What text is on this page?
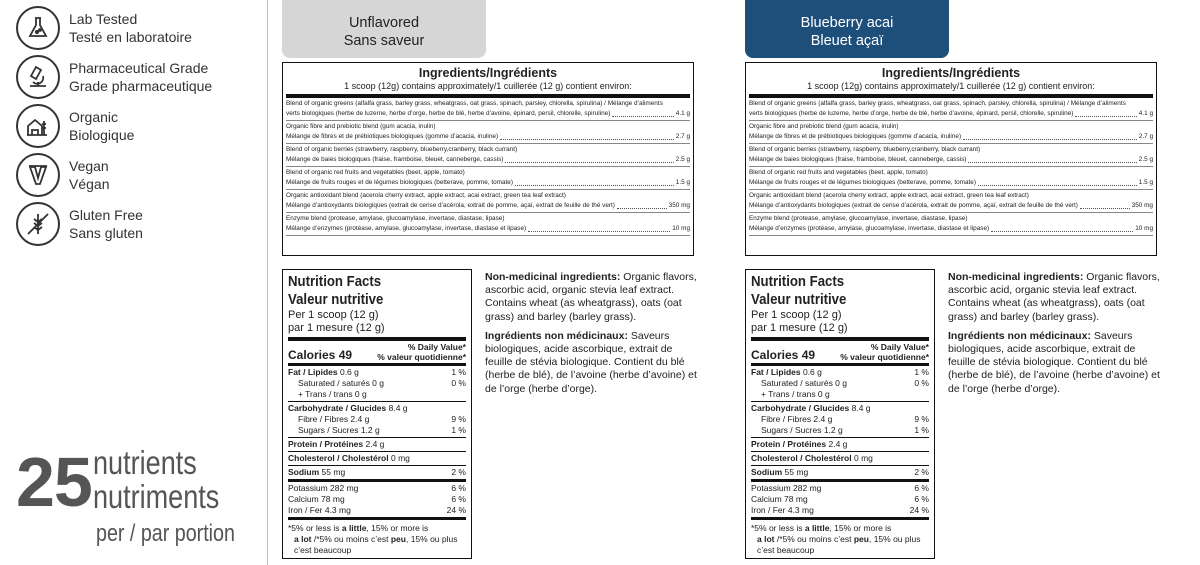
Lab Tested
Testé en laboratoire
Pharmaceutical Grade
Grade pharmaceutique
Organic
Biologique
Vegan
Végan
Gluten Free
Sans gluten
25 nutrients
nutriments
per / par portion
Unflavored
Sans saveur
Ingredients/Ingrédients
1 scoop (12g) contains approximately/1 cuillerée (12 g) contient environ:
Blend of organic greens (alfalfa grass, barley grass, wheatgrass, oat grass, spinach, parsley, chlorella, spirulina) / Mélange d’aliments
verts biologiques (herbe de luzerne, herbe d’orge, herbe de blé, herbe d’avoine, épinard, persil, chlorelle, spiruline)	4.1 g
Organic fibre and prebiotic blend (gum acacia, inulin)
Mélange de fibres et de prébiotiques biologiques (gomme d’acacia, inuline)	2.7 g
Blend of organic berries (strawberry, raspberry, blueberry,cranberry, black currant)
Mélange de baies biologiques (fraise, framboise, bleuet, canneberge, cassis)	2.5 g
Blend of organic red fruits and vegetables (beet, apple, tomato)
Mélange de fruits rouges et de légumes biologiques (betterave, pomme, tomate)	1.5 g
Organic antioxidant blend (acerola cherry extract, apple extract, acai extract, green tea leaf extract)
Mélange d’antioxydants biologiques (extrait de cerise d’acérola, extrait de pomme, açaï, extrait de feuille de thé vert)	350 mg
Enzyme blend (protease, amylase, glucoamylase, invertase, diastase, lipase)
Mélange d’enzymes (protéase, amylase, glucoamylase, invertase, diastase et lipase)	10 mg
Nutrition Facts
Valeur nutritive
Per 1 scoop (12 g)
par 1 mesure (12 g)
Calories 49
% Daily Value*
% valeur quotidienne*
Fat / Lipides 0.6 g	1 %
Saturated / saturés 0 g	0 %
+ Trans / trans 0 g
Carbohydrate / Glucides 8.4 g
Fibre / Fibres 2.4 g	9 %
Sugars / Sucres 1.2 g	1 %
Protein / Protéines 2.4 g
Cholesterol / Cholestérol 0 mg
Sodium 55 mg	2 %
Potassium 282 mg	6 %
Calcium 78 mg	6 %
Iron / Fer 4.3 mg	24 %
*5% or less is a little, 15% or more is
a lot /*5% ou moins c’est peu, 15% ou plus
c’est beaucoup

Non-medicinal ingredients: Organic flavors, ascorbic acid, organic stevia leaf extract. Contains wheat (as wheatgrass), oats (oat grass) and barley (barley grass).

Ingrédients non médicinaux: Saveurs biologiques, acide ascorbique, extrait de feuille de stévia biologique. Contient du blé (herbe de blé), de l’avoine (herbe d’avoine) et de l’orge (herbe d’orge).

Blueberry acai
Bleuet açaï
Ingredients/Ingrédients
1 scoop (12g) contains approximately/1 cuillerée (12 g) contient environ:
Blend of organic greens (alfalfa grass, barley grass, wheatgrass, oat grass, spinach, parsley, chlorella, spirulina) / Mélange d’aliments
verts biologiques (herbe de luzerne, herbe d’orge, herbe de blé, herbe d’avoine, épinard, persil, chlorelle, spiruline)	4.1 g
Organic fibre and prebiotic blend (gum acacia, inulin)
Mélange de fibres et de prébiotiques biologiques (gomme d’acacia, inuline)	2.7 g
Blend of organic berries (strawberry, raspberry, blueberry,cranberry, black currant)
Mélange de baies biologiques (fraise, framboise, bleuet, canneberge, cassis)	2.5 g
Blend of organic red fruits and vegetables (beet, apple, tomato)
Mélange de fruits rouges et de légumes biologiques (betterave, pomme, tomate)	1.5 g
Organic antioxidant blend (acerola cherry extract, apple extract, acai extract, green tea leaf extract)
Mélange d’antioxydants biologiques (extrait de cerise d’acérola, extrait de pomme, açaï, extrait de feuille de thé vert)	350 mg
Enzyme blend (protease, amylase, glucoamylase, invertase, diastase, lipase)
Mélange d’enzymes (protéase, amylase, glucoamylase, invertase, diastase et lipase)	10 mg
Nutrition Facts
Valeur nutritive
Per 1 scoop (12 g)
par 1 mesure (12 g)
Calories 49
% Daily Value*
% valeur quotidienne*
Fat / Lipides 0.6 g	1 %
Saturated / saturés 0 g	0 %
+ Trans / trans 0 g
Carbohydrate / Glucides 8.4 g
Fibre / Fibres 2.4 g	9 %
Sugars / Sucres 1.2 g	1 %
Protein / Protéines 2.4 g
Cholesterol / Cholestérol 0 mg
Sodium 55 mg	2 %
Potassium 282 mg	6 %
Calcium 78 mg	6 %
Iron / Fer 4.3 mg	24 %
*5% or less is a little, 15% or more is
a lot /*5% ou moins c’est peu, 15% ou plus
c’est beaucoup

Non-medicinal ingredients: Organic flavors, ascorbic acid, organic stevia leaf extract. Contains wheat (as wheatgrass), oats (oat grass) and barley (barley grass).

Ingrédients non médicinaux: Saveurs biologiques, acide ascorbique, extrait de feuille de stévia biologique. Contient du blé (herbe de blé), de l’avoine (herbe d’avoine) et de l’orge (herbe d’orge).
